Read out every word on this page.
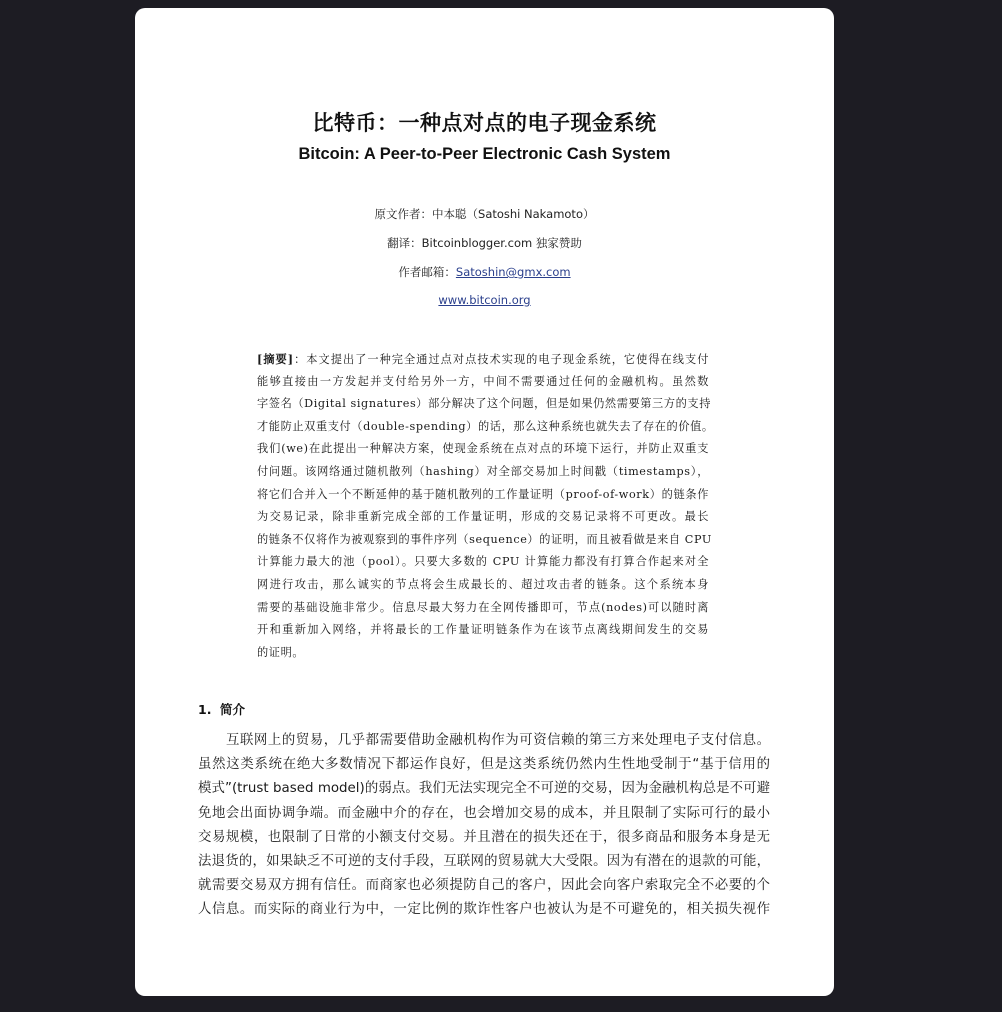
比特币：一种点对点的电子现金系统
Bitcoin: A Peer-to-Peer Electronic Cash System
原文作者：中本聪（Satoshi Nakamoto）
翻译：Bitcoinblogger.com 独家赞助
作者邮箱：Satoshin@gmx.com
www.bitcoin.org
[摘要]：本文提出了一种完全通过点对点技术实现的电子现金系统，它使得在线支付
能够直接由一方发起并支付给另外一方，中间不需要通过任何的金融机构。虽然数
字签名（Digital signatures）部分解决了这个问题，但是如果仍然需要第三方的支持
才能防止双重支付（double-spending）的话，那么这种系统也就失去了存在的价值。
我们(we)在此提出一种解决方案，使现金系统在点对点的环境下运行，并防止双重支
付问题。该网络通过随机散列（hashing）对全部交易加上时间戳（timestamps），
将它们合并入一个不断延伸的基于随机散列的工作量证明（proof-of-work）的链条作
为交易记录，除非重新完成全部的工作量证明，形成的交易记录将不可更改。最长
的链条不仅将作为被观察到的事件序列（sequence）的证明，而且被看做是来自 CPU
计算能力最大的池（pool）。只要大多数的 CPU 计算能力都没有打算合作起来对全
网进行攻击，那么诚实的节点将会生成最长的、超过攻击者的链条。这个系统本身
需要的基础设施非常少。信息尽最大努力在全网传播即可，节点(nodes)可以随时离
开和重新加入网络，并将最长的工作量证明链条作为在该节点离线期间发生的交易
的证明。
1. 简介
互联网上的贸易，几乎都需要借助金融机构作为可资信赖的第三方来处理电子支付信息。
虽然这类系统在绝大多数情况下都运作良好，但是这类系统仍然内生性地受制于“基于信用的
模式”(trust based model)的弱点。我们无法实现完全不可逆的交易，因为金融机构总是不可避
免地会出面协调争端。而金融中介的存在，也会增加交易的成本，并且限制了实际可行的最小
交易规模，也限制了日常的小额支付交易。并且潜在的损失还在于，很多商品和服务本身是无
法退货的，如果缺乏不可逆的支付手段，互联网的贸易就大大受限。因为有潜在的退款的可能，
就需要交易双方拥有信任。而商家也必须提防自己的客户，因此会向客户索取完全不必要的个
人信息。而实际的商业行为中，一定比例的欺诈性客户也被认为是不可避免的，相关损失视作
